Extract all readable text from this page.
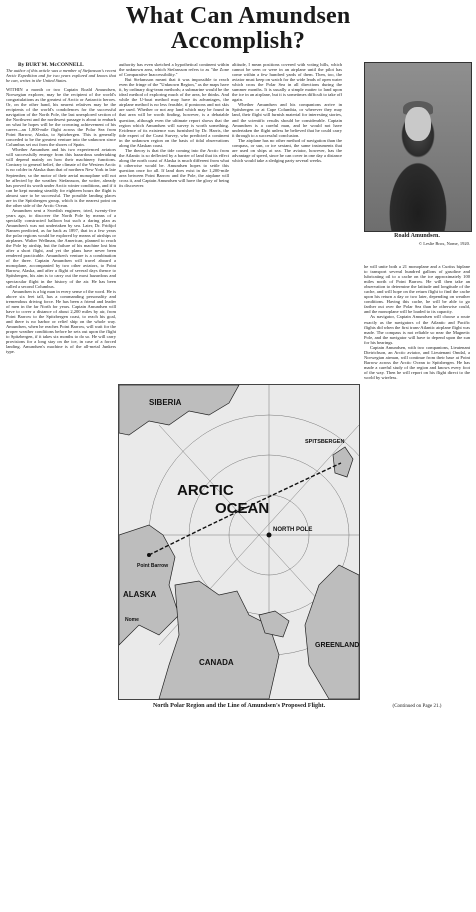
What Can Amundsen
Accomplish?
By BURT M. McCONNELL
The author of this article was a member of Stefansson's recent Arctic Expedition and for two years explored and knows that he can, writes in the United States.
WITHIN a month or two Captain Roald Amundsen, Norwegian explorer, may be the recipient of the world's congratulations as the greatest of Arctic or Antarctic heroes. Or, on the other hand, his nearest relatives may be the recipients of the world's condolences for the successful navigation of the North Pole, the last unexplored section of the Northwest and the northwest passage is about to embark on what he hopes will be the crowning achievement of his career—an 1,800-mile flight across the Polar Sea from Point Barrow, Alaska, to Spitzbergen. This is generally conceded to be the greatest venture into the unknown since Columbus set out from the shores of Spain.
Whether Amundsen and his two experienced aviators will successfully emerge from this hazardous undertaking will depend mainly on how their machinery functions. Contrary to general belief, the climate of the Western Arctic is no colder in Alaska than that of northern New York in late September, so the motor of their aerial monoplane will not be affected by the weather. Stefansson, the writer, already has proved its worth under Arctic winter conditions, and if it can be kept running steadily for eighteen hours the flight is almost sure to be successful. The possible landing places are in the Spitsbergen group, which is the nearest point on the other side of the Arctic Ocean.
Amundsen sent a Swedish engineer, tried, twenty-five years ago, to discover the North Pole by means of a specially constructed balloon but such a daring plan as Amundsen's was not undertaken by sea. Later, Dr. Fridtjof Nansen predicted, as far back as 1897, that in a few years the polar regions would be explored by means of airships or airplanes. Walter Wellman, the American, planned to reach the Pole by airship, but the failure of his machine lost him after a short flight, and yet the plans have never been rendered practicable. Amundsen's venture is a combination of the three. Captain Amundsen will travel aboard a monoplane, accompanied by two other aviators, to Point Barrow, Alaska, and after a flight of several days thence to Spitsbergen, his aim is to carry out the most hazardous and spectacular flight in the history of the air. He has been called a second Columbus.
Amundsen is a big man in every sense of the word. He is above six feet tall, has a commanding personality and tremendous driving force. He has been a friend and leader of men in the far North for years. Captain Amundsen will have to cover a distance of about 2,200 miles by air, from Point Barrow to the Spitzbergen coast, to reach his goal, and there is no harbor or relief ship on the whole way. Amundsen, when he reaches Point Barrow, will wait for the proper weather conditions before he sets out upon the flight to Spitzbergen, if it takes six months to do so. He will carry provisions for a long stay on the ice, in case of a forced landing. Amundsen's machine is of the all-metal Junkers type.
authority has even sketched a hypothetical continent within the unknown area, which Stefansson refers to as "the Zone of Comparative Inaccessibility."
But Stefansson meant that it was impossible to reach even the fringe of the "Unknown Region," as the maps have it, by ordinary dog-team methods; a submarine would be the ideal method of exploring much of the area, he thinks. And while the U-boat method may have its advantages, the airplane method is no less feasible, if pontoons and not skis are used. Whether or not any land which may be found in that area will be worth finding, however, is a debatable question, although even the ultimate report shows that the region which Amundsen will survey is worth something. Evidence of its existence was furnished by Dr. Harris, the tide expert of the Coast Survey, who predicted a continent in the unknown region on the basis of tidal observations along the Alaskan coast.
The theory is that the tide coming into the Arctic from the Atlantic is so deflected by a barrier of land that its effect along the north coast of Alaska is much different from what it otherwise would be. Amundsen hopes to settle this question once for all. If land does exist in the 1,200-mile area between Point Barrow and the Pole, the airplane will cross it, and Captain Amundsen will have the glory of being its discoverer.
altitude, I mean positions covered with voting hills, which cannot be seen or were in an airplane until the pilot has come within a few hundred yards of them. Then, too, the aviator must keep on watch for the wide leads of open water which cross the Polar Sea in all directions during the summer months. It is usually a simple matter to land upon the ice in an airplane, but it is sometimes difficult to take off again.
Whether Amundsen and his companions arrive in Spitsbergen or at Cape Columbia, or wherever they may land, their flight will furnish material for interesting stories, and the scientific results should be considerable. Captain Amundsen is a careful man, and he would not have undertaken the flight unless he believed that he could carry it through to a successful conclusion.
The airplane has no other method of navigation than the compass, or sun, or ice sextant, the same instruments that are used on ships at sea. The aviator, however, has the advantage of speed, since he can cover in one day a distance which would take a sledging party several weeks.
Roald Amundsen.
© Leslie Brox, Nome, 1920.
he will unite both a 21 monoplane and a Curtiss biplane to transport several hundred gallons of gasoline and lubricating oil to a cache on the ice approximately 100 miles north of Point Barrow. He will then take an observation to determine the latitude and longitude of the cache, and will hope on the return flight to find the cache upon his return a day or two later, depending on weather conditions. Having this cache, he will be able to go farther out over the Polar Sea than he otherwise could, and the monoplane will be loaded to its capacity.
As navigator, Captain Amundsen will choose a route exactly as the navigators of the Atlantic and Pacific flights did when the first trans-Atlantic airplane flight was made. The compass is not reliable so near the Magnetic Pole, and the navigator will have to depend upon the sun for his bearings.
Captain Amundsen, with two companions, Lieutenant Dietrichson, an Arctic aviator, and Lieutenant Omdal, a Norwegian airman, will continue from their base at Point Barrow across the Arctic Ocean to Spitsbergen. He has made a careful study of the region and knows every foot of the way. Then he will report on his flight direct to the world by wireless.
ARCTIC
OCEAN
NORTH POLE
ALASKA
GREENLAND
CANADA
SIBERIA
SPITSBERGEN
Point Barrow
Nome
North Polar Region and the Line of Amundsen's Proposed Flight.	(Continued on Page 21.)
